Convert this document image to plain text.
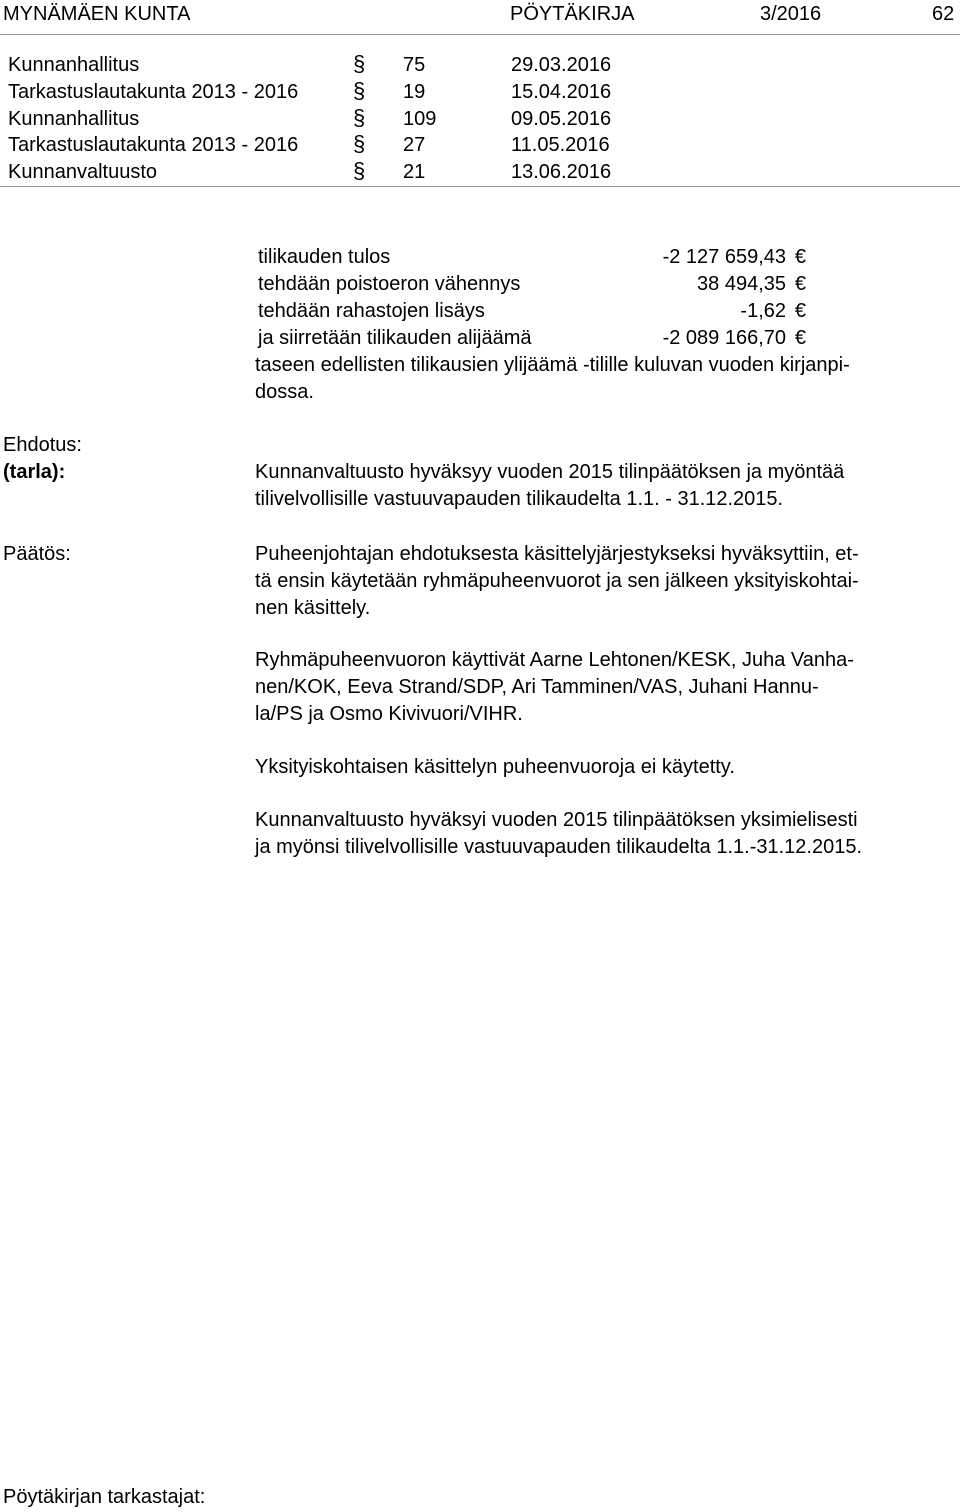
MYNÄMÄEN KUNTA	PÖYTÄKIRJA	3/2016	62
Kunnanhallitus	§ 75	29.03.2016
Tarkastuslautakunta 2013 - 2016 § 19	15.04.2016
Kunnanhallitus	§ 109	09.05.2016
Tarkastuslautakunta 2013 - 2016 § 27	11.05.2016
Kunnanvaltuusto	§ 21	13.06.2016
tilikauden tulos	-2 127 659,43 €
tehdään poistoeron vähennys	38 494,35 €
tehdään rahastojen lisäys	-1,62 €
ja siirretään tilikauden alijäämä	-2 089 166,70 €
taseen edellisten tilikausien ylijäämä -tilille kuluvan vuoden kirjanpi-
dossa.
Ehdotus:
(tarla):	Kunnanvaltuusto hyväksyy vuoden 2015 tilinpäätöksen ja myöntää
tilivelvollisille vastuuvapauden tilikaudelta 1.1. - 31.12.2015.
Päätös:	Puheenjohtajan ehdotuksesta käsittelyjärjestykseksi hyväksyttiin, et-
tä ensin käytetään ryhmäpuheenvuorot ja sen jälkeen yksityiskohtai-
nen käsittely.
Ryhmäpuheenvuoron käyttivät Aarne Lehtonen/KESK, Juha Vanha-
nen/KOK, Eeva Strand/SDP, Ari Tamminen/VAS, Juhani Hannu-
la/PS ja Osmo Kivivuori/VIHR.
Yksityiskohtaisen käsittelyn puheenvuoroja ei käytetty.
Kunnanvaltuusto hyväksyi vuoden 2015 tilinpäätöksen yksimielisesti
ja myönsi tilivelvollisille vastuuvapauden tilikaudelta 1.1.-31.12.2015.
Pöytäkirjan tarkastajat:
